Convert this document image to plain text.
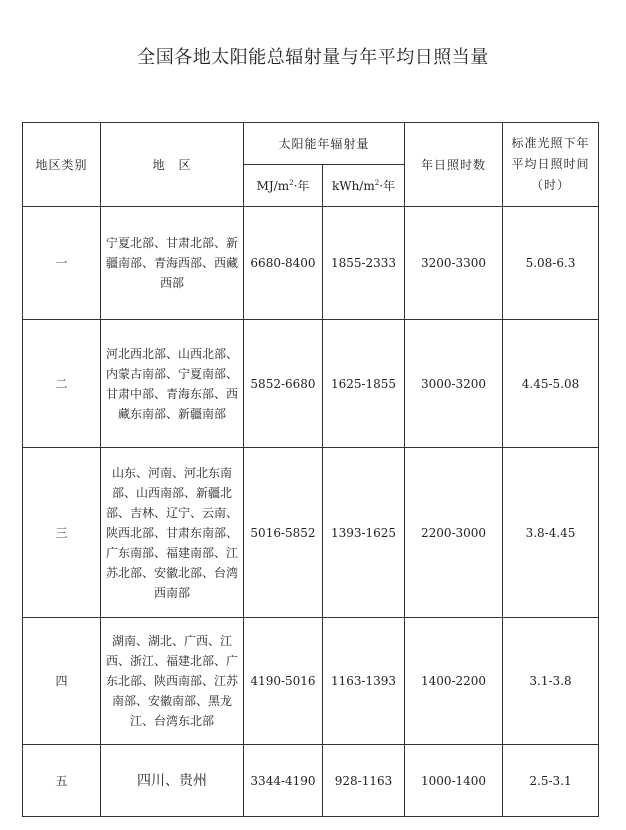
全国各地太阳能总辐射量与年平均日照当量
地区类别	地　区	太阳能年辐射量		年日照时数	标准光照下年平均日照时间（时）
		$MJ/m^2\cdot$年	kWh/$m^2\cdot$年		
一	宁夏北部、甘肃北部、新疆南部、青海西部、西藏西部	6680-8400	1855-2333	3200-3300	5.08-6.3
二	河北西北部、山西北部、内蒙古南部、宁夏南部、甘肃中部、青海东部、西藏东南部、新疆南部	5852-6680	1625-1855	3000-3200	4.45-5.08
三	山东、河南、河北东南部、山西南部、新疆北部、吉林、辽宁、云南、陕西北部、甘肃东南部、广东南部、福建南部、江苏北部、安徽北部、台湾西南部	5016-5852	1393-1625	2200-3000	3.8-4.45
四	湖南、湖北、广西、江西、浙江、福建北部、广东北部、陕西南部、江苏南部、安徽南部、黑龙江、台湾东北部	4190-5016	1163-1393	1400-2200	3.1-3.8
五	四川、贵州	3344-4190	928-1163	1000-1400	2.5-3.1
